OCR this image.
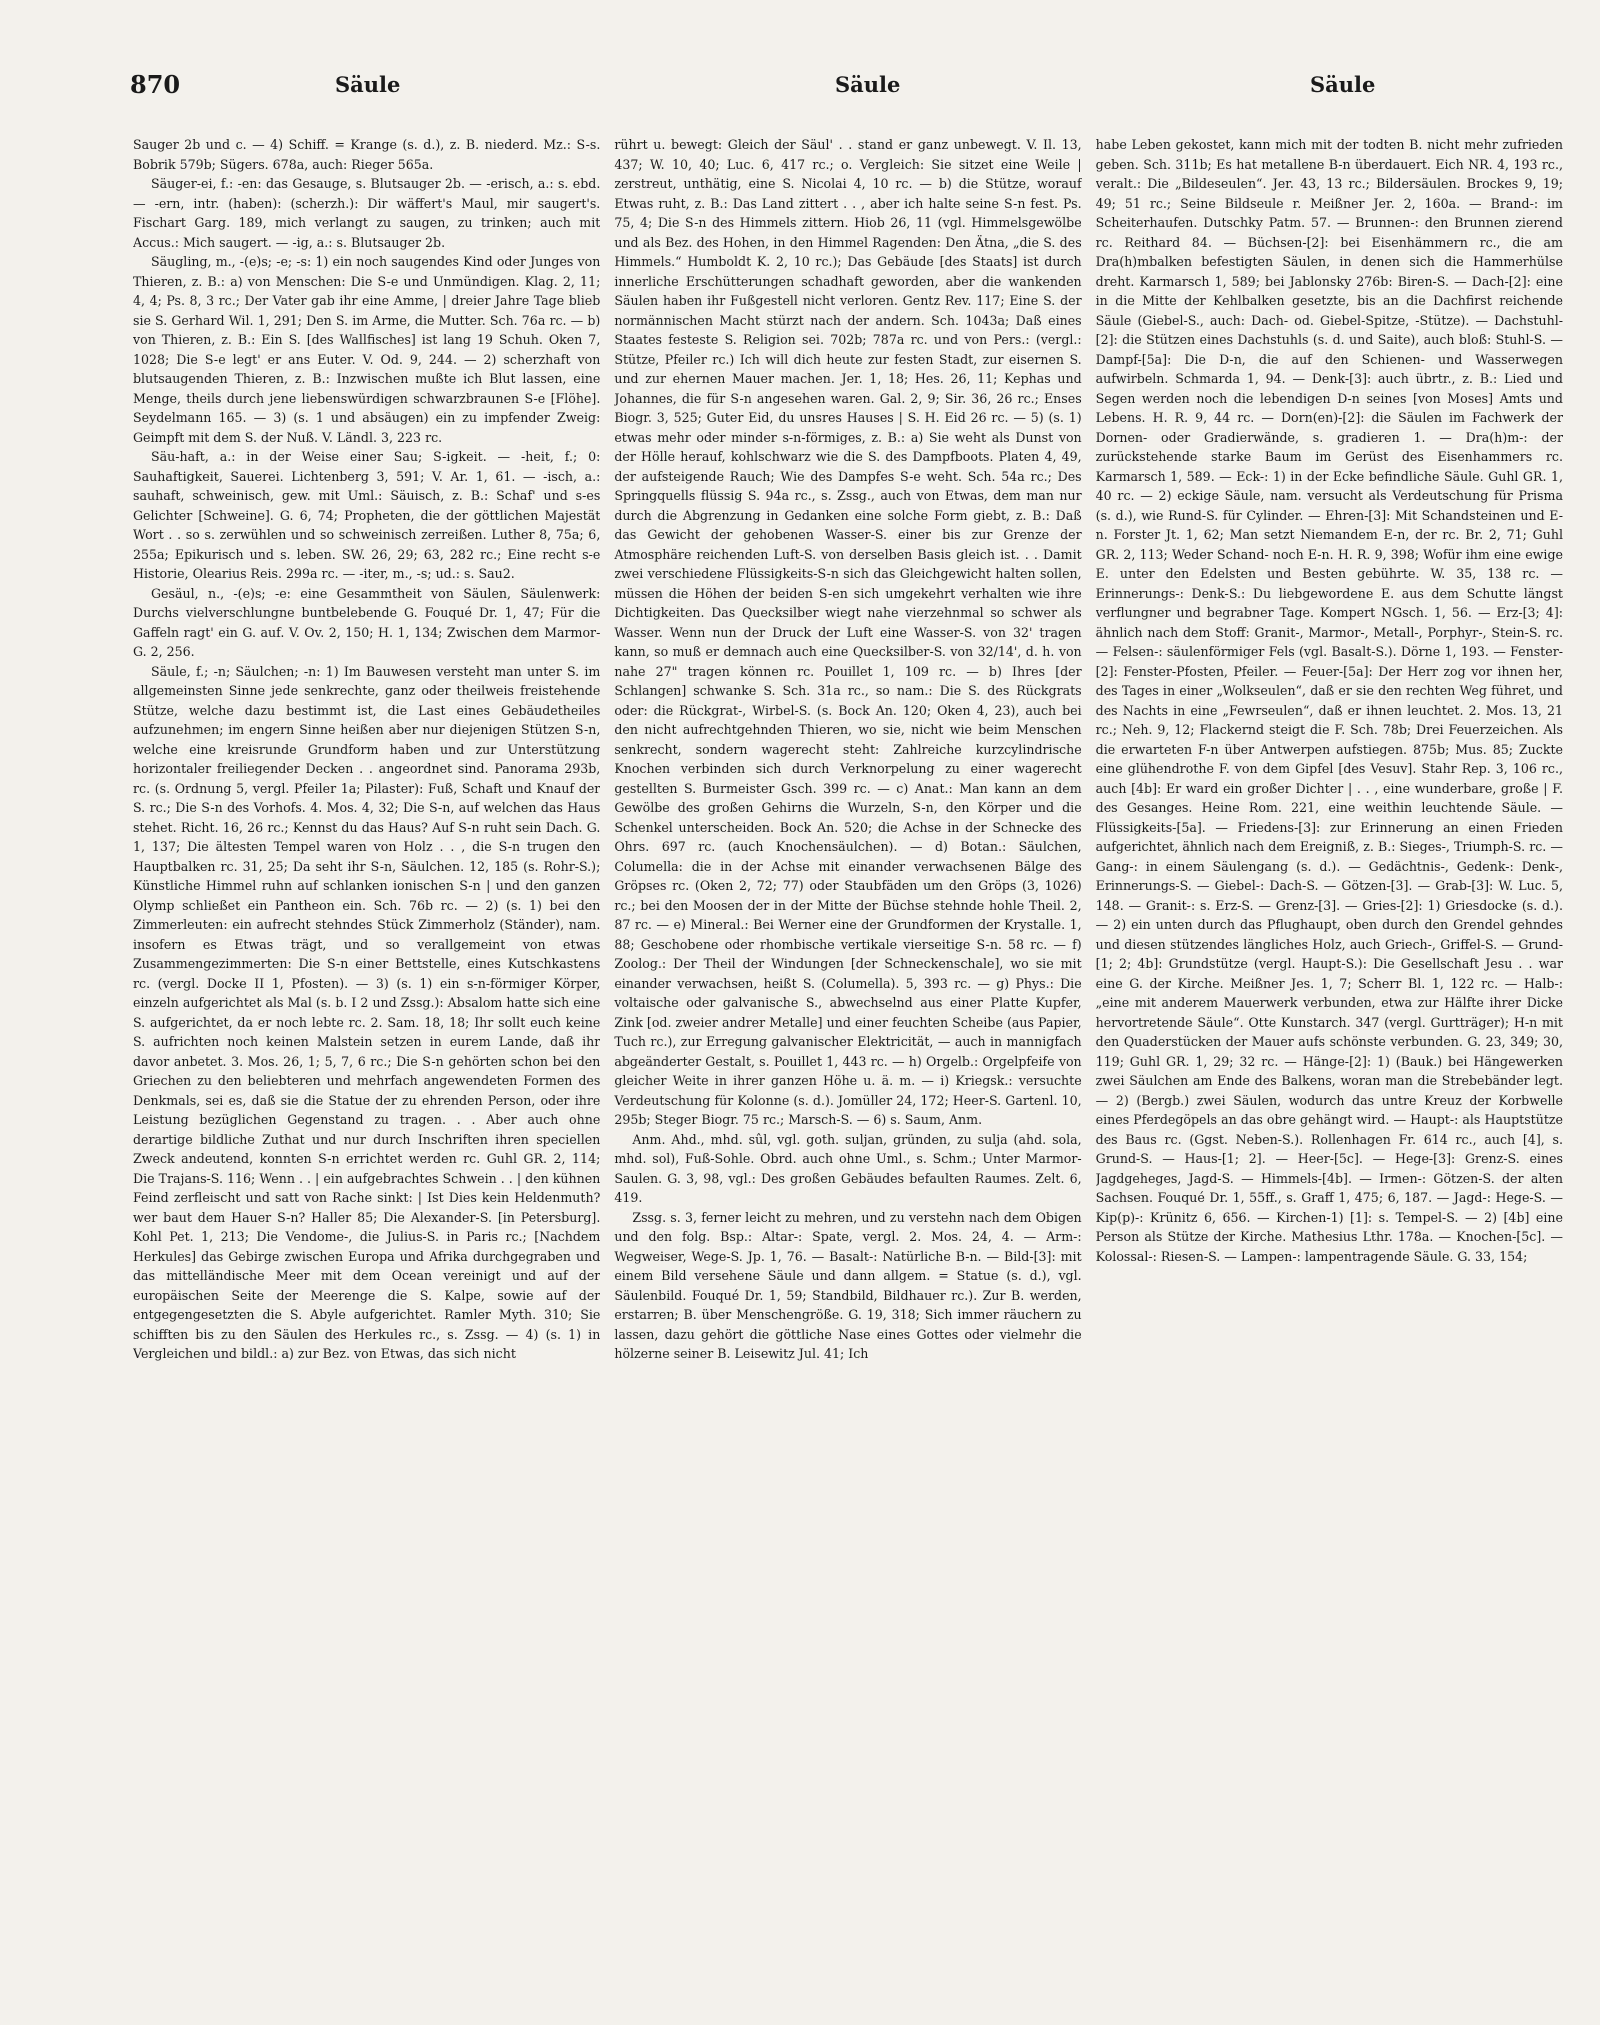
870	Säule	Säule	Säule

Sauger 2b und c. — 4) Schiff. = Krange (s. d.), z. B. niederd. Mz.: S-s. Bobrik 579b; Sügers. 678a, auch: Rieger 565a.

Säuger-ei, f.: -en: das Gesauge, s. Blutsauger 2b. — -erisch, a.: s. ebd. — -ern, intr. (haben): (scherzh.): Dir wäffert's Maul, mir saugert's. Fischart Garg. 189, mich verlangt zu saugen, zu trinken; auch mit Accus.: Mich saugert. — -ig, a.: s. Blutsauger 2b.

Säugling, m., -(e)s; -e; -s: 1) ein noch saugendes Kind oder Junges von Thieren, z. B.: a) von Menschen: Die S-e und Unmündigen. Klag. 2, 11; 4, 4; Ps. 8, 3 rc.; Der Vater gab ihr eine Amme, | dreier Jahre Tage blieb sie S. Gerhard Wil. 1, 291; Den S. im Arme, die Mutter. Sch. 76a rc. — b) von Thieren, z. B.: Ein S. [des Wallfisches] ist lang 19 Schuh. Oken 7, 1028; Die S-e legt' er ans Euter. V. Od. 9, 244. — 2) scherzhaft von blutsaugenden Thieren, z. B.: Inzwischen mußte ich Blut lassen, eine Menge, theils durch jene liebenswürdigen schwarzbraunen S-e [Flöhe]. Seydelmann 165. — 3) (s. 1 und absäugen) ein zu impfender Zweig: Geimpft mit dem S. der Nuß. V. Ländl. 3, 223 rc.

Säu-haft, a.: in der Weise einer Sau; S-igkeit. — -heit, f.; 0: Sauhaftigkeit, Sauerei. Lichtenberg 3, 591; V. Ar. 1, 61. — -isch, a.: sauhaft, schweinisch, gew. mit Uml.: Säuisch, z. B.: Schaf' und s-es Gelichter [Schweine]. G. 6, 74; Propheten, die der göttlichen Majestät Wort . . so s. zerwühlen und so schweinisch zerreißen. Luther 8, 75a; 6, 255a; Epikurisch und s. leben. SW. 26, 29; 63, 282 rc.; Eine recht s-e Historie, Olearius Reis. 299a rc. — -iter, m., -s; ud.: s. Sau2.

Gesäul, n., -(e)s; -e: eine Gesammtheit von Säulen, Säulenwerk: Durchs vielverschlungne buntbelebende G. Fouqué Dr. 1, 47; Für die Gaffeln ragt' ein G. auf. V. Ov. 2, 150; H. 1, 134; Zwischen dem Marmor-G. 2, 256.

Säule, f.; -n; Säulchen; -n: 1) Im Bauwesen versteht man unter S. im allgemeinsten Sinne jede senkrechte, ganz oder theilweis freistehende Stütze, welche dazu bestimmt ist, die Last eines Gebäudetheiles aufzunehmen; im engern Sinne heißen aber nur diejenigen Stützen S-n, welche eine kreisrunde Grundform haben und zur Unterstützung horizontaler freiliegender Decken . . angeordnet sind. Panorama 293b, rc. (s. Ordnung 5, vergl. Pfeiler 1a; Pilaster): Fuß, Schaft und Knauf der S. rc.; Die S-n des Vorhofs. 4. Mos. 4, 32; Die S-n, auf welchen das Haus stehet. Richt. 16, 26 rc.; Kennst du das Haus? Auf S-n ruht sein Dach. G. 1, 137; Die ältesten Tempel waren von Holz . . , die S-n trugen den Hauptbalken rc. 31, 25; Da seht ihr S-n, Säulchen. 12, 185 (s. Rohr-S.); Künstliche Himmel ruhn auf schlanken ionischen S-n | und den ganzen Olymp schließet ein Pantheon ein. Sch. 76b rc. — 2) (s. 1) bei den Zimmerleuten: ein aufrecht stehndes Stück Zimmerholz (Ständer), nam. insofern es Etwas trägt, und so verallgemeint von etwas Zusammengezimmerten: Die S-n einer Bettstelle, eines Kutschkastens rc. (vergl. Docke II 1, Pfosten). — 3) (s. 1) ein s-n-förmiger Körper, einzeln aufgerichtet als Mal (s. b. I 2 und Zssg.): Absalom hatte sich eine S. aufgerichtet, da er noch lebte rc. 2. Sam. 18, 18; Ihr sollt euch keine S. aufrichten noch keinen Malstein setzen in eurem Lande, daß ihr davor anbetet. 3. Mos. 26, 1; 5, 7, 6 rc.; Die S-n gehörten schon bei den Griechen zu den beliebteren und mehrfach angewendeten Formen des Denkmals, sei es, daß sie die Statue der zu ehrenden Person, oder ihre Leistung bezüglichen Gegenstand zu tragen. . . Aber auch ohne derartige bildliche Zuthat und nur durch Inschriften ihren speciellen Zweck andeutend, konnten S-n errichtet werden rc. Guhl GR. 2, 114; Die Trajans-S. 116; Wenn . . | ein aufgebrachtes Schwein . . | den kühnen Feind zerfleischt und satt von Rache sinkt: | Ist Dies kein Heldenmuth? wer baut dem Hauer S-n? Haller 85; Die Alexander-S. [in Petersburg]. Kohl Pet. 1, 213; Die Vendome-, die Julius-S. in Paris rc.; [Nachdem Herkules] das Gebirge zwischen Europa und Afrika durchgegraben und das mittelländische Meer mit dem Ocean vereinigt und auf der europäischen Seite der Meerenge die S. Kalpe, sowie auf der entgegengesetzten die S. Abyle aufgerichtet. Ramler Myth. 310; Sie schifften bis zu den Säulen des Herkules rc., s. Zssg. — 4) (s. 1) in Vergleichen und bildl.: a) zur Bez. von Etwas, das sich nicht

rührt u. bewegt: Gleich der Säul' . . stand er ganz unbewegt. V. Il. 13, 437; W. 10, 40; Luc. 6, 417 rc.; o. Vergleich: Sie sitzet eine Weile | zerstreut, unthätig, eine S. Nicolai 4, 10 rc. — b) die Stütze, worauf Etwas ruht, z. B.: Das Land zittert . . , aber ich halte seine S-n fest. Ps. 75, 4; Die S-n des Himmels zittern. Hiob 26, 11 (vgl. Himmelsgewölbe und als Bez. des Hohen, in den Himmel Ragenden: Den Ätna, „die S. des Himmels.“ Humboldt K. 2, 10 rc.); Das Gebäude [des Staats] ist durch innerliche Erschütterungen schadhaft geworden, aber die wankenden Säulen haben ihr Fußgestell nicht verloren. Gentz Rev. 117; Eine S. der normännischen Macht stürzt nach der andern. Sch. 1043a; Daß eines Staates festeste S. Religion sei. 702b; 787a rc. und von Pers.: (vergl.: Stütze, Pfeiler rc.) Ich will dich heute zur festen Stadt, zur eisernen S. und zur ehernen Mauer machen. Jer. 1, 18; Hes. 26, 11; Kephas und Johannes, die für S-n angesehen waren. Gal. 2, 9; Sir. 36, 26 rc.; Enses Biogr. 3, 525; Guter Eid, du unsres Hauses | S. H. Eid 26 rc. — 5) (s. 1) etwas mehr oder minder s-n-förmiges, z. B.: a) Sie weht als Dunst von der Hölle herauf, kohlschwarz wie die S. des Dampfboots. Platen 4, 49, der aufsteigende Rauch; Wie des Dampfes S-e weht. Sch. 54a rc.; Des Springquells flüssig S. 94a rc., s. Zssg., auch von Etwas, dem man nur durch die Abgrenzung in Gedanken eine solche Form giebt, z. B.: Daß das Gewicht der gehobenen Wasser-S. einer bis zur Grenze der Atmosphäre reichenden Luft-S. von derselben Basis gleich ist. . . Damit zwei verschiedene Flüssigkeits-S-n sich das Gleichgewicht halten sollen, müssen die Höhen der beiden S-en sich umgekehrt verhalten wie ihre Dichtigkeiten. Das Quecksilber wiegt nahe vierzehnmal so schwer als Wasser. Wenn nun der Druck der Luft eine Wasser-S. von 32' tragen kann, so muß er demnach auch eine Quecksilber-S. von 32/14', d. h. von nahe 27" tragen können rc. Pouillet 1, 109 rc. — b) Ihres [der Schlangen] schwanke S. Sch. 31a rc., so nam.: Die S. des Rückgrats oder: die Rückgrat-, Wirbel-S. (s. Bock An. 120; Oken 4, 23), auch bei den nicht aufrechtgehnden Thieren, wo sie, nicht wie beim Menschen senkrecht, sondern wagerecht steht: Zahlreiche kurzcylindrische Knochen verbinden sich durch Verknorpelung zu einer wagerecht gestellten S. Burmeister Gsch. 399 rc. — c) Anat.: Man kann an dem Gewölbe des großen Gehirns die Wurzeln, S-n, den Körper und die Schenkel unterscheiden. Bock An. 520; die Achse in der Schnecke des Ohrs. 697 rc. (auch Knochensäulchen). — d) Botan.: Säulchen, Columella: die in der Achse mit einander verwachsenen Bälge des Gröpses rc. (Oken 2, 72; 77) oder Staubfäden um den Gröps (3, 1026) rc.; bei den Moosen der in der Mitte der Büchse stehnde hohle Theil. 2, 87 rc. — e) Mineral.: Bei Werner eine der Grundformen der Krystalle. 1, 88; Geschobene oder rhombische vertikale vierseitige S-n. 58 rc. — f) Zoolog.: Der Theil der Windungen [der Schneckenschale], wo sie mit einander verwachsen, heißt S. (Columella). 5, 393 rc. — g) Phys.: Die voltaische oder galvanische S., abwechselnd aus einer Platte Kupfer, Zink [od. zweier andrer Metalle] und einer feuchten Scheibe (aus Papier, Tuch rc.), zur Erregung galvanischer Elektricität, — auch in mannigfach abgeänderter Gestalt, s. Pouillet 1, 443 rc. — h) Orgelb.: Orgelpfeife von gleicher Weite in ihrer ganzen Höhe u. ä. m. — i) Kriegsk.: versuchte Verdeutschung für Kolonne (s. d.). Jomüller 24, 172; Heer-S. Gartenl. 10, 295b; Steger Biogr. 75 rc.; Marsch-S. — 6) s. Saum, Anm.

Anm. Ahd., mhd. sûl, vgl. goth. suljan, gründen, zu sulja (ahd. sola, mhd. sol), Fuß-Sohle. Obrd. auch ohne Uml., s. Schm.; Unter Marmor-Saulen. G. 3, 98, vgl.: Des großen Gebäudes befaulten Raumes. Zelt. 6, 419.

Zssg. s. 3, ferner leicht zu mehren, und zu verstehn nach dem Obigen und den folg. Bsp.: Altar-: Spate, vergl. 2. Mos. 24, 4. — Arm-: Wegweiser, Wege-S. Jp. 1, 76. — Basalt-: Natürliche B-n. — Bild-[3]: mit einem Bild versehene Säule und dann allgem. = Statue (s. d.), vgl. Säulenbild. Fouqué Dr. 1, 59; Standbild, Bildhauer rc.). Zur B. werden, erstarren; B. über Menschengröße. G. 19, 318; Sich immer räuchern zu lassen, dazu gehört die göttliche Nase eines Gottes oder vielmehr die hölzerne seiner B. Leisewitz Jul. 41; Ich

habe Leben gekostet, kann mich mit der todten B. nicht mehr zufrieden geben. Sch. 311b; Es hat metallene B-n überdauert. Eich NR. 4, 193 rc., veralt.: Die „Bildeseulen“. Jer. 43, 13 rc.; Bildersäulen. Brockes 9, 19; 49; 51 rc.; Seine Bildseule r. Meißner Jer. 2, 160a. — Brand-: im Scheiterhaufen. Dutschky Patm. 57. — Brunnen-: den Brunnen zierend rc. Reithard 84. — Büchsen-[2]: bei Eisenhämmern rc., die am Dra(h)mbalken befestigten Säulen, in denen sich die Hammerhülse dreht. Karmarsch 1, 589; bei Jablonsky 276b: Biren-S. — Dach-[2]: eine in die Mitte der Kehlbalken gesetzte, bis an die Dachfirst reichende Säule (Giebel-S., auch: Dach- od. Giebel-Spitze, -Stütze). — Dachstuhl-[2]: die Stützen eines Dachstuhls (s. d. und Saite), auch bloß: Stuhl-S. — Dampf-[5a]: Die D-n, die auf den Schienen- und Wasserwegen aufwirbeln. Schmarda 1, 94. — Denk-[3]: auch übrtr., z. B.: Lied und Segen werden noch die lebendigen D-n seines [von Moses] Amts und Lebens. H. R. 9, 44 rc. — Dorn(en)-[2]: die Säulen im Fachwerk der Dornen- oder Gradierwände, s. gradieren 1. — Dra(h)m-: der zurückstehende starke Baum im Gerüst des Eisenhammers rc. Karmarsch 1, 589. — Eck-: 1) in der Ecke befindliche Säule. Guhl GR. 1, 40 rc. — 2) eckige Säule, nam. versucht als Verdeutschung für Prisma (s. d.), wie Rund-S. für Cylinder. — Ehren-[3]: Mit Schandsteinen und E-n. Forster Jt. 1, 62; Man setzt Niemandem E-n, der rc. Br. 2, 71; Guhl GR. 2, 113; Weder Schand- noch E-n. H. R. 9, 398; Wofür ihm eine ewige E. unter den Edelsten und Besten gebührte. W. 35, 138 rc. — Erinnerungs-: Denk-S.: Du liebgewordene E. aus dem Schutte längst verflungner und begrabner Tage. Kompert NGsch. 1, 56. — Erz-[3; 4]: ähnlich nach dem Stoff: Granit-, Marmor-, Metall-, Porphyr-, Stein-S. rc. — Felsen-: säulenförmiger Fels (vgl. Basalt-S.). Dörne 1, 193. — Fenster-[2]: Fenster-Pfosten, Pfeiler. — Feuer-[5a]: Der Herr zog vor ihnen her, des Tages in einer „Wolkseulen“, daß er sie den rechten Weg führet, und des Nachts in eine „Fewrseulen“, daß er ihnen leuchtet. 2. Mos. 13, 21 rc.; Neh. 9, 12; Flackernd steigt die F. Sch. 78b; Drei Feuerzeichen. Als die erwarteten F-n über Antwerpen aufstiegen. 875b; Mus. 85; Zuckte eine glühendrothe F. von dem Gipfel [des Vesuv]. Stahr Rep. 3, 106 rc., auch [4b]: Er ward ein großer Dichter | . . , eine wunderbare, große | F. des Gesanges. Heine Rom. 221, eine weithin leuchtende Säule. — Flüssigkeits-[5a]. — Friedens-[3]: zur Erinnerung an einen Frieden aufgerichtet, ähnlich nach dem Ereigniß, z. B.: Sieges-, Triumph-S. rc. — Gang-: in einem Säulengang (s. d.). — Gedächtnis-, Gedenk-: Denk-, Erinnerungs-S. — Giebel-: Dach-S. — Götzen-[3]. — Grab-[3]: W. Luc. 5, 148. — Granit-: s. Erz-S. — Grenz-[3]. — Gries-[2]: 1) Griesdocke (s. d.). — 2) ein unten durch das Pflughaupt, oben durch den Grendel gehndes und diesen stützendes längliches Holz, auch Griech-, Griffel-S. — Grund-[1; 2; 4b]: Grundstütze (vergl. Haupt-S.): Die Gesellschaft Jesu . . war eine G. der Kirche. Meißner Jes. 1, 7; Scherr Bl. 1, 122 rc. — Halb-: „eine mit anderem Mauerwerk verbunden, etwa zur Hälfte ihrer Dicke hervortretende Säule“. Otte Kunstarch. 347 (vergl. Gurtträger); H-n mit den Quaderstücken der Mauer aufs schönste verbunden. G. 23, 349; 30, 119; Guhl GR. 1, 29; 32 rc. — Hänge-[2]: 1) (Bauk.) bei Hängewerken zwei Säulchen am Ende des Balkens, woran man die Strebebänder legt. — 2) (Bergb.) zwei Säulen, wodurch das untre Kreuz der Korbwelle eines Pferdegöpels an das obre gehängt wird. — Haupt-: als Hauptstütze des Baus rc. (Ggst. Neben-S.). Rollenhagen Fr. 614 rc., auch [4], s. Grund-S. — Haus-[1; 2]. — Heer-[5c]. — Hege-[3]: Grenz-S. eines Jagdgeheges, Jagd-S. — Himmels-[4b]. — Irmen-: Götzen-S. der alten Sachsen. Fouqué Dr. 1, 55ff., s. Graff 1, 475; 6, 187. — Jagd-: Hege-S. — Kip(p)-: Krünitz 6, 656. — Kirchen-1) [1]: s. Tempel-S. — 2) [4b] eine Person als Stütze der Kirche. Mathesius Lthr. 178a. — Knochen-[5c]. — Kolossal-: Riesen-S. — Lampen-: lampentragende Säule. G. 33, 154;
